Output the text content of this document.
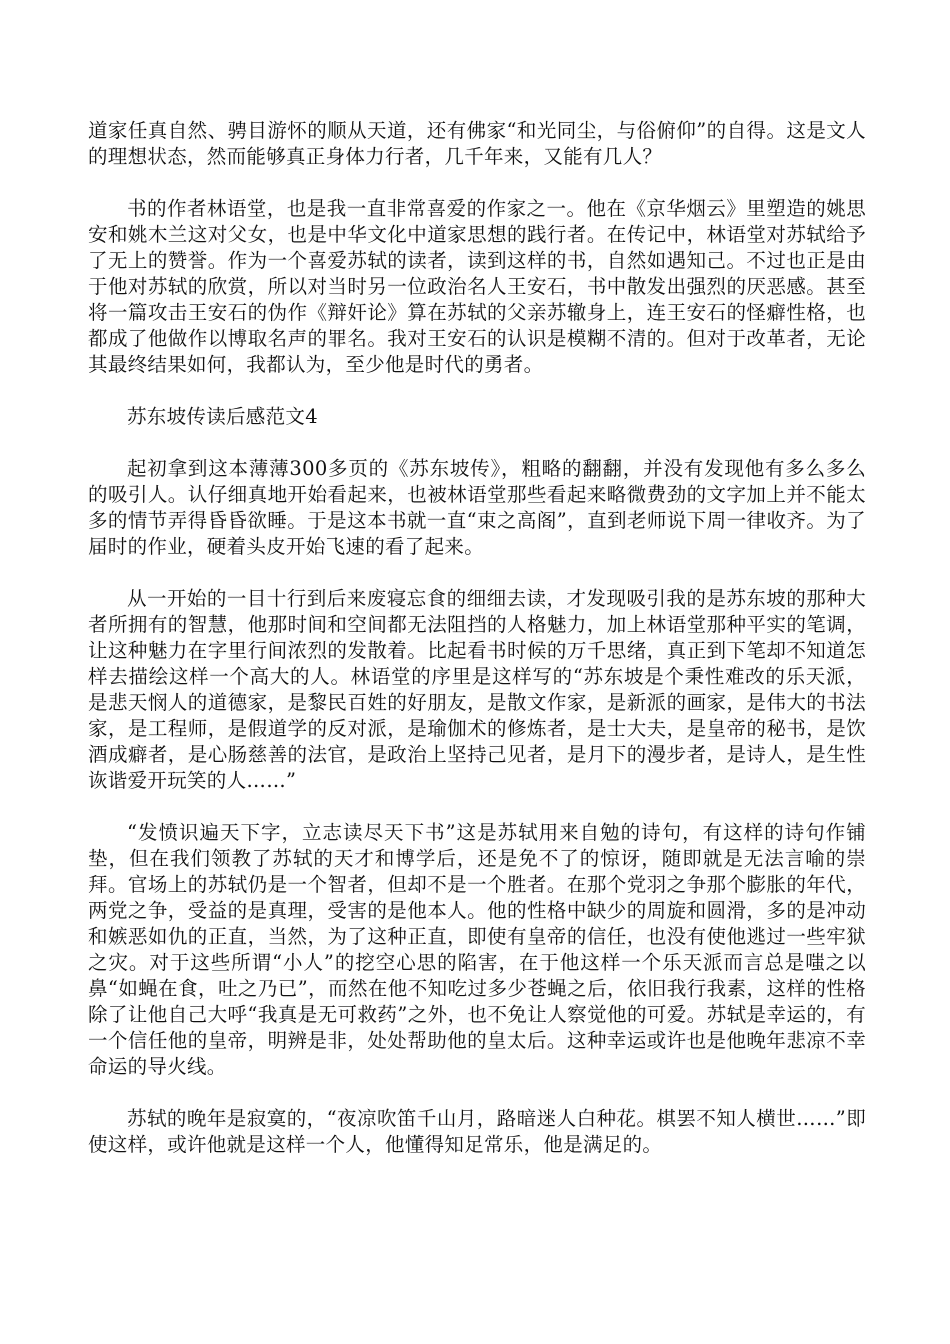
道家任真自然、骋目游怀的顺从天道，还有佛家“和光同尘，与俗俯仰”的自得。这是文人的理想状态，然而能够真正身体力行者，几千年来，又能有几人？

书的作者林语堂，也是我一直非常喜爱的作家之一。他在《京华烟云》里塑造的姚思安和姚木兰这对父女，也是中华文化中道家思想的践行者。在传记中，林语堂对苏轼给予了无上的赞誉。作为一个喜爱苏轼的读者，读到这样的书，自然如遇知己。不过也正是由于他对苏轼的欣赏，所以对当时另一位政治名人王安石，书中散发出强烈的厌恶感。甚至将一篇攻击王安石的伪作《辩奸论》算在苏轼的父亲苏辙身上，连王安石的怪癖性格，也都成了他做作以博取名声的罪名。我对王安石的认识是模糊不清的。但对于改革者，无论其最终结果如何，我都认为，至少他是时代的勇者。

苏东坡传读后感范文4

起初拿到这本薄薄300多页的《苏东坡传》，粗略的翻翻，并没有发现他有多么多么的吸引人。认仔细真地开始看起来，也被林语堂那些看起来略微费劲的文字加上并不能太多的情节弄得昏昏欲睡。于是这本书就一直“束之高阁”，直到老师说下周一律收齐。为了届时的作业，硬着头皮开始飞速的看了起来。

从一开始的一目十行到后来废寝忘食的细细去读，才发现吸引我的是苏东坡的那种大者所拥有的智慧，他那时间和空间都无法阻挡的人格魅力，加上林语堂那种平实的笔调，让这种魅力在字里行间浓烈的发散着。比起看书时候的万千思绪，真正到下笔却不知道怎样去描绘这样一个高大的人。林语堂的序里是这样写的“苏东坡是个秉性难改的乐天派，是悲天悯人的道德家，是黎民百姓的好朋友，是散文作家，是新派的画家，是伟大的书法家，是工程师，是假道学的反对派，是瑜伽术的修炼者，是士大夫，是皇帝的秘书，是饮酒成癖者，是心肠慈善的法官，是政治上坚持己见者，是月下的漫步者，是诗人，是生性诙谐爱开玩笑的人……”

“发愤识遍天下字，立志读尽天下书”这是苏轼用来自勉的诗句，有这样的诗句作铺垫，但在我们领教了苏轼的天才和博学后，还是免不了的惊讶，随即就是无法言喻的崇拜。官场上的苏轼仍是一个智者，但却不是一个胜者。在那个党羽之争那个膨胀的年代，两党之争，受益的是真理，受害的是他本人。他的性格中缺少的周旋和圆滑，多的是冲动和嫉恶如仇的正直，当然，为了这种正直，即使有皇帝的信任，也没有使他逃过一些牢狱之灾。对于这些所谓“小人”的挖空心思的陷害，在于他这样一个乐天派而言总是嗤之以鼻“如蝇在食，吐之乃已”，而然在他不知吃过多少苍蝇之后，依旧我行我素，这样的性格除了让他自己大呼“我真是无可救药”之外，也不免让人察觉他的可爱。苏轼是幸运的，有一个信任他的皇帝，明辨是非，处处帮助他的皇太后。这种幸运或许也是他晚年悲凉不幸命运的导火线。

苏轼的晚年是寂寞的，“夜凉吹笛千山月，路暗迷人白种花。棋罢不知人横世……”即使这样，或许他就是这样一个人，他懂得知足常乐，他是满足的。
